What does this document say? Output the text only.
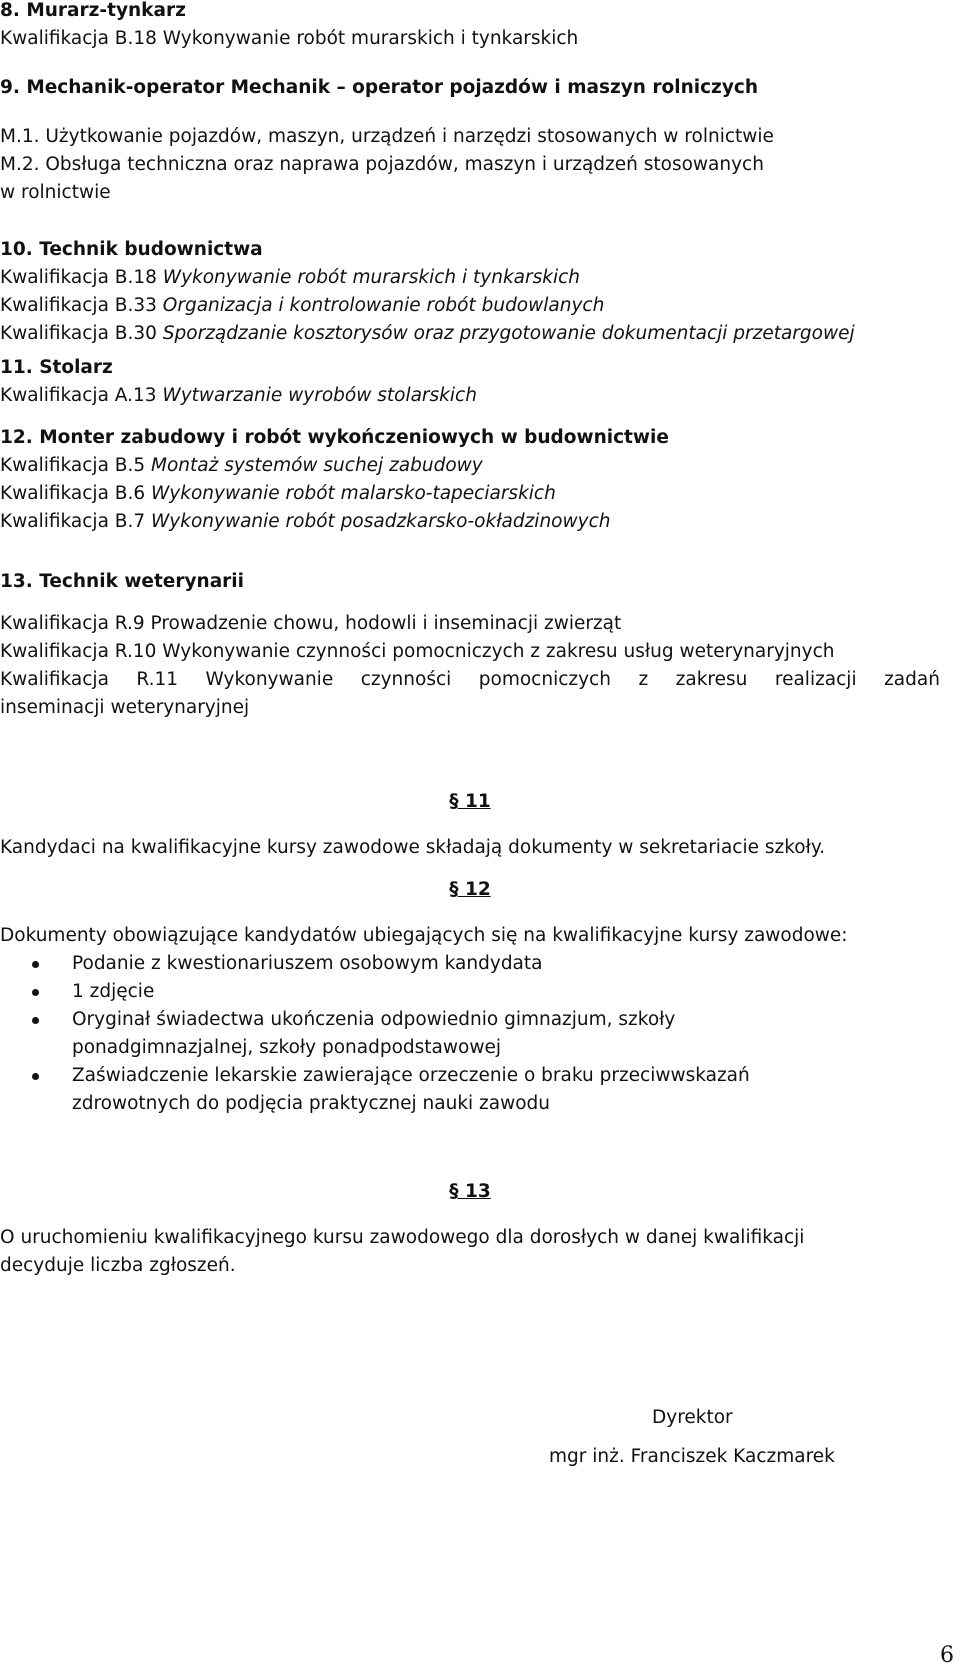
8. Murarz-tynkarz

Kwalifikacja B.18 Wykonywanie robót murarskich i tynkarskich

9. Mechanik-operator Mechanik – operator pojazdów i maszyn rolniczych

M.1. Użytkowanie pojazdów, maszyn, urządzeń i narzędzi stosowanych w rolnictwie

M.2. Obsługa techniczna oraz naprawa pojazdów, maszyn i urządzeń stosowanych

w rolnictwie

10. Technik budownictwa

Kwalifikacja B.18 Wykonywanie robót murarskich i tynkarskich

Kwalifikacja B.33 Organizacja i kontrolowanie robót budowlanych

Kwalifikacja B.30 Sporządzanie kosztorysów oraz przygotowanie dokumentacji przetargowej

11. Stolarz

Kwalifikacja A.13 Wytwarzanie wyrobów stolarskich

12. Monter zabudowy i robót wykończeniowych w budownictwie

Kwalifikacja B.5 Montaż systemów suchej zabudowy

Kwalifikacja B.6 Wykonywanie robót malarsko-tapeciarskich

Kwalifikacja B.7 Wykonywanie robót posadzkarsko-okładzinowych

13. Technik weterynarii

Kwalifikacja R.9 Prowadzenie chowu, hodowli i inseminacji zwierząt

Kwalifikacja R.10 Wykonywanie czynności pomocniczych z zakresu usług weterynaryjnych

Kwalifikacja R.11 Wykonywanie czynności pomocniczych z zakresu realizacji zadań

inseminacji weterynaryjnej

§ 11

Kandydaci na kwalifikacyjne kursy zawodowe składają dokumenty w sekretariacie szkoły.

§ 12

Dokumenty obowiązujące kandydatów ubiegających się na kwalifikacyjne kursy zawodowe:

Podanie z kwestionariuszem osobowym kandydata
1 zdjęcie
Oryginał świadectwa ukończenia odpowiednio gimnazjum, szkoły ponadgimnazjalnej, szkoły ponadpodstawowej
Zaświadczenie lekarskie zawierające orzeczenie o braku przeciwwskazań zdrowotnych do podjęcia praktycznej nauki zawodu

§ 13

O uruchomieniu kwalifikacyjnego kursu zawodowego dla dorosłych w danej kwalifikacji decyduje liczba zgłoszeń.

Dyrektor
mgr inż. Franciszek Kaczmarek
6
